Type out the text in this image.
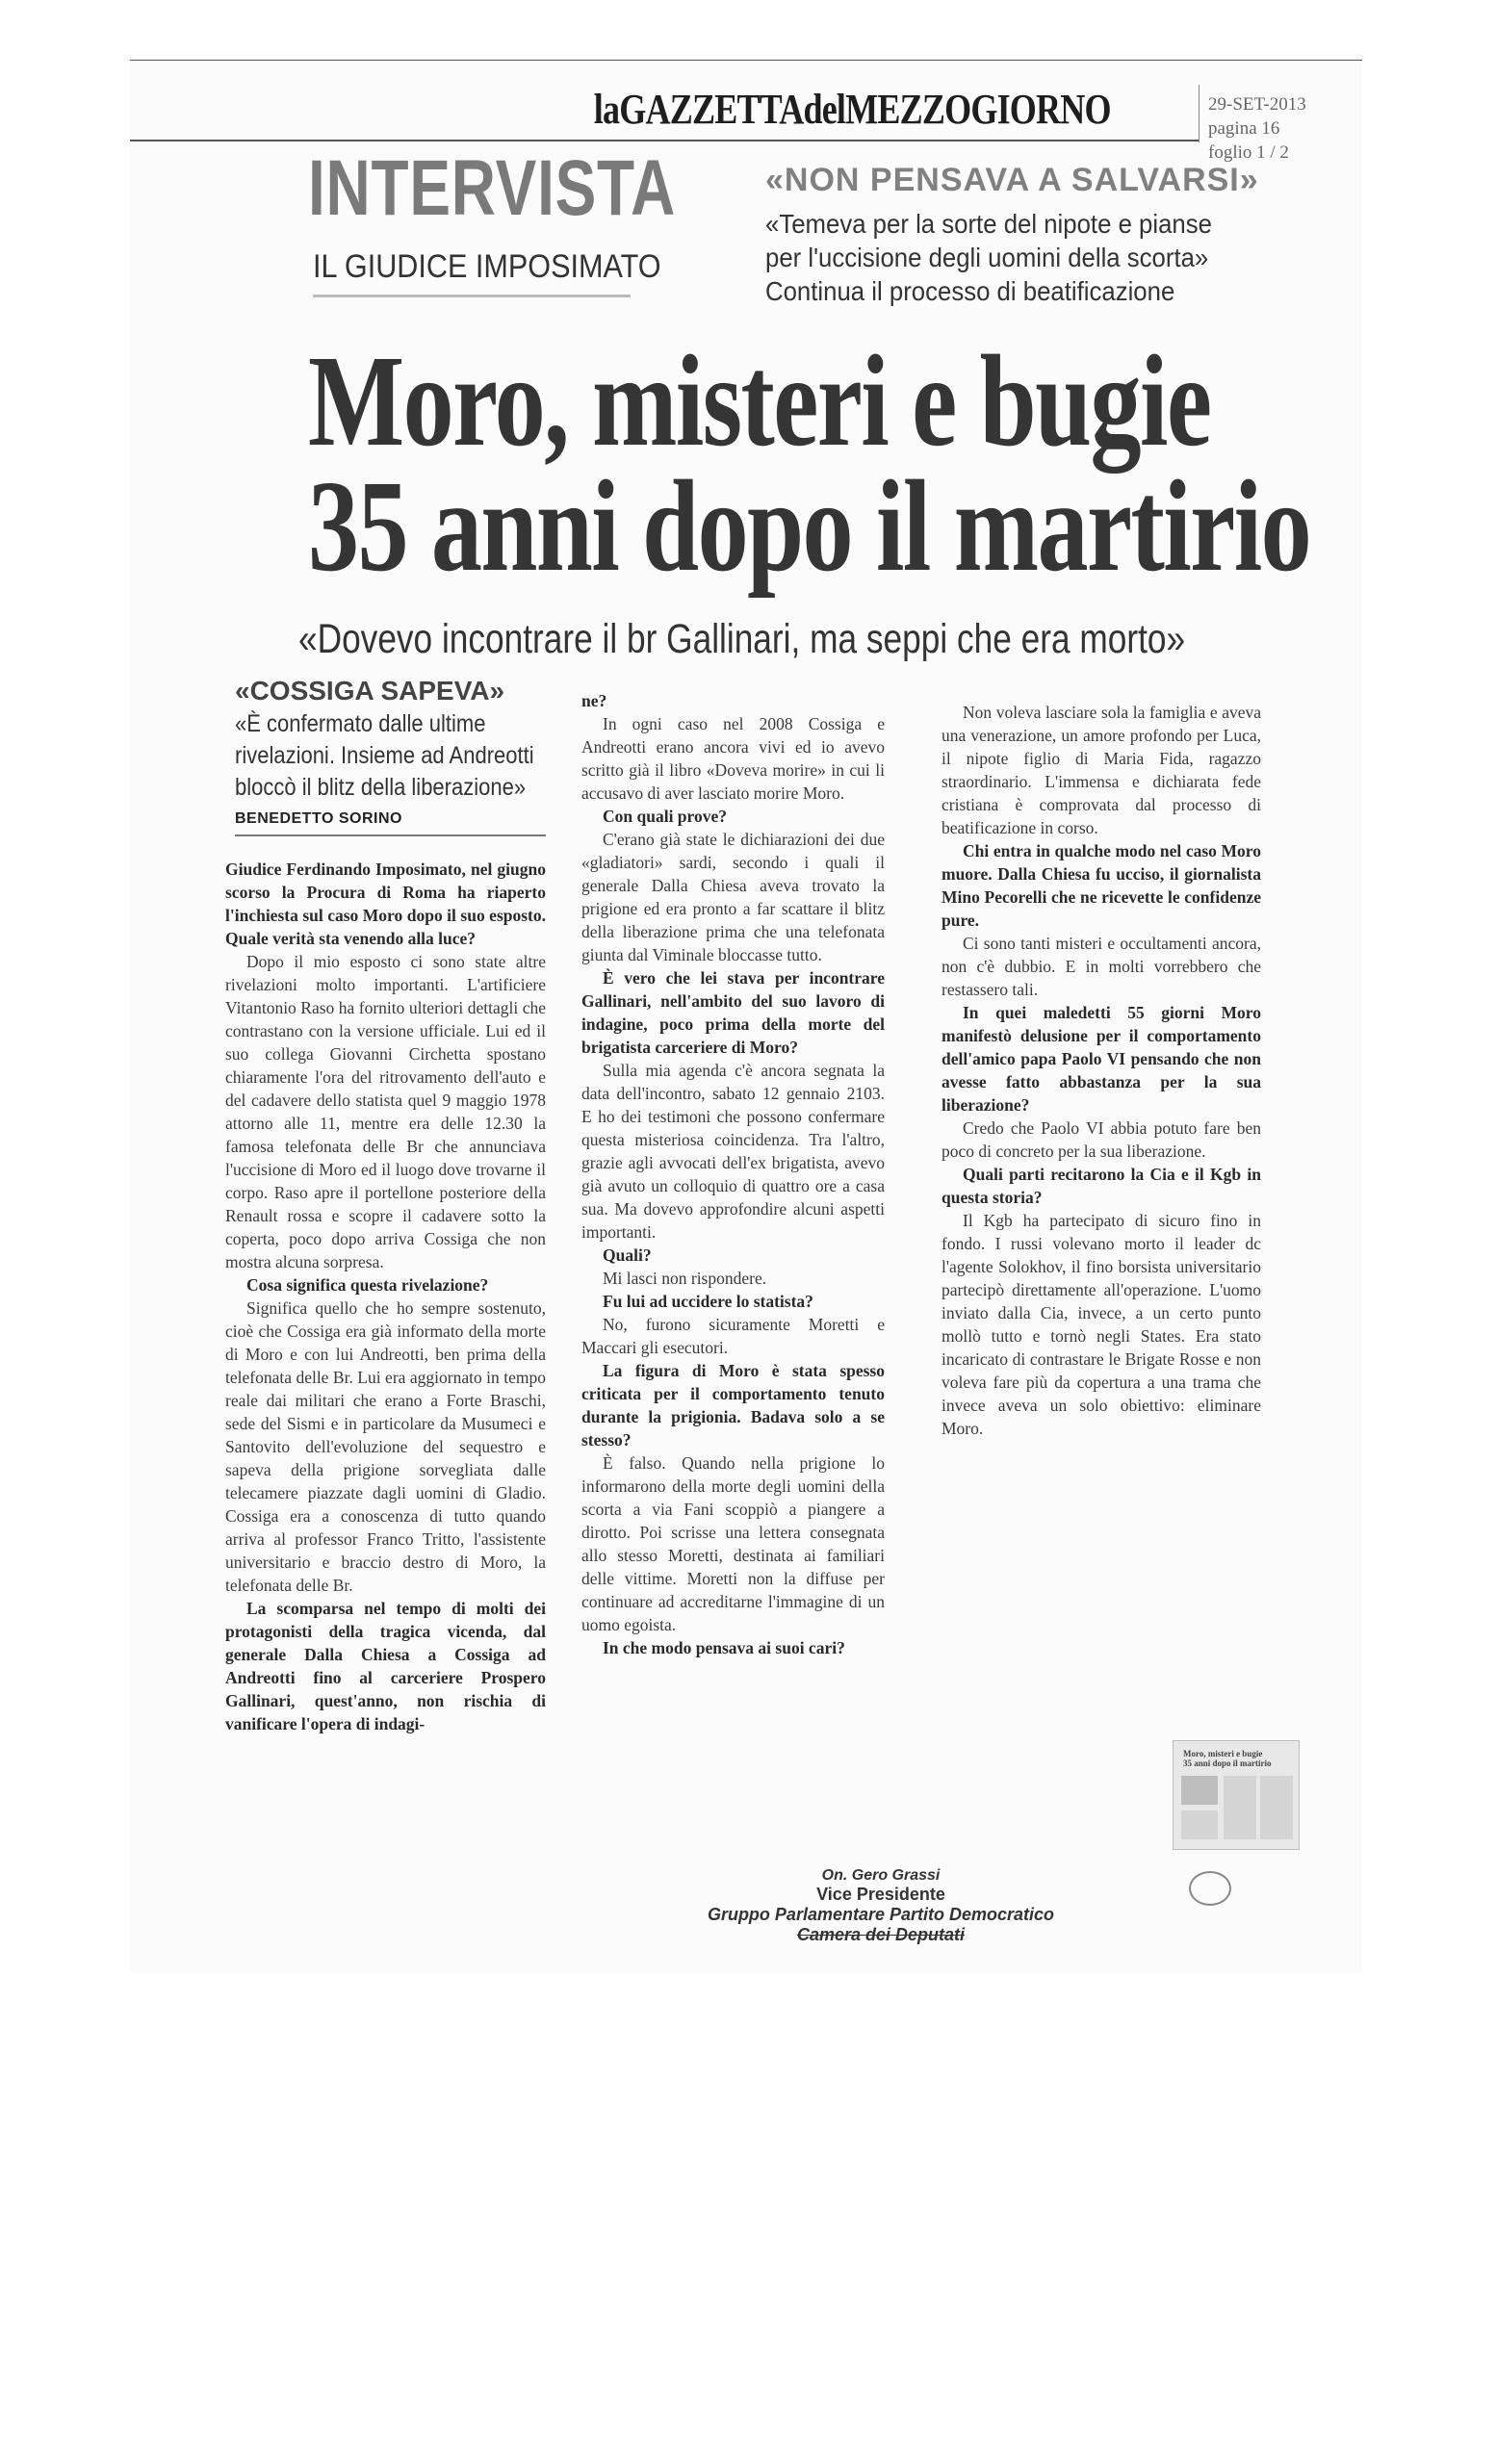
laGAZZETTAdelMEZZOGIORNO	29-SET-2013
pagina 16
foglio 1 / 2
INTERVISTA
IL GIUDICE IMPOSIMATO
«NON PENSAVA A SALVARSI»
«Temeva per la sorte del nipote e pianse
per l'uccisione degli uomini della scorta»
Continua il processo di beatificazione
Moro, misteri e bugie
35 anni dopo il martirio
«Dovevo incontrare il br Gallinari, ma seppi che era morto»
«COSSIGA SAPEVA»
«È confermato dalle ultime
rivelazioni. Insieme ad Andreotti
bloccò il blitz della liberazione»
BENEDETTO SORINO

Giudice Ferdinando Imposimato, nel giugno scorso la Procura di Roma ha riaperto l'inchiesta sul caso Moro dopo il suo esposto. Quale verità sta venendo alla luce?

Dopo il mio esposto ci sono state altre rivelazioni molto importanti. L'artificiere Vitantonio Raso ha fornito ulteriori dettagli che contrastano con la versione ufficiale. Lui ed il suo collega Giovanni Circhetta spostano chiaramente l'ora del ritrovamento dell'auto e del cadavere dello statista quel 9 maggio 1978 attorno alle 11, mentre era delle 12.30 la famosa telefonata delle Br che annunciava l'uccisione di Moro ed il luogo dove trovarne il corpo. Raso apre il portellone posteriore della Renault rossa e scopre il cadavere sotto la coperta, poco dopo arriva Cossiga che non mostra alcuna sorpresa.

Cosa significa questa rivelazione?

Significa quello che ho sempre sostenuto, cioè che Cossiga era già informato della morte di Moro e con lui Andreotti, ben prima della telefonata delle Br. Lui era aggiornato in tempo reale dai militari che erano a Forte Braschi, sede del Sismi e in particolare da Musumeci e Santovito dell'evoluzione del sequestro e sapeva della prigione sorvegliata dalle telecamere piazzate dagli uomini di Gladio. Cossiga era a conoscenza di tutto quando arriva al professor Franco Tritto, l'assistente universitario e braccio destro di Moro, la telefonata delle Br.

La scomparsa nel tempo di molti dei protagonisti della tragica vicenda, dal generale Dalla Chiesa a Cossiga ad Andreotti fino al carceriere Prospero Gallinari, quest'anno, non rischia di vanificare l'opera di indagi-

ne?

In ogni caso nel 2008 Cossiga e Andreotti erano ancora vivi ed io avevo scritto già il libro «Doveva morire» in cui li accusavo di aver lasciato morire Moro.

Con quali prove?

C'erano già state le dichiarazioni dei due «gladiatori» sardi, secondo i quali il generale Dalla Chiesa aveva trovato la prigione ed era pronto a far scattare il blitz della liberazione prima che una telefonata giunta dal Viminale bloccasse tutto.

È vero che lei stava per incontrare Gallinari, nell'ambito del suo lavoro di indagine, poco prima della morte del brigatista carceriere di Moro?

Sulla mia agenda c'è ancora segnata la data dell'incontro, sabato 12 gennaio 2103. E ho dei testimoni che possono confermare questa misteriosa coincidenza. Tra l'altro, grazie agli avvocati dell'ex brigatista, avevo già avuto un colloquio di quattro ore a casa sua. Ma dovevo approfondire alcuni aspetti importanti.

Quali?

Mi lasci non rispondere.

Fu lui ad uccidere lo statista?

No, furono sicuramente Moretti e Maccari gli esecutori.

La figura di Moro è stata spesso criticata per il comportamento tenuto durante la prigionia. Badava solo a se stesso?

È falso. Quando nella prigione lo informarono della morte degli uomini della scorta a via Fani scoppiò a piangere a dirotto. Poi scrisse una lettera consegnata allo stesso Moretti, destinata ai familiari delle vittime. Moretti non la diffuse per continuare ad accreditarne l'immagine di un uomo egoista.

In che modo pensava ai suoi cari?

Non voleva lasciare sola la famiglia e aveva una venerazione, un amore profondo per Luca, il nipote figlio di Maria Fida, ragazzo straordinario. L'immensa e dichiarata fede cristiana è comprovata dal processo di beatificazione in corso.

Chi entra in qualche modo nel caso Moro muore. Dalla Chiesa fu ucciso, il giornalista Mino Pecorelli che ne ricevette le confidenze pure.

Ci sono tanti misteri e occultamenti ancora, non c'è dubbio. E in molti vorrebbero che restassero tali.

In quei maledetti 55 giorni Moro manifestò delusione per il comportamento dell'amico papa Paolo VI pensando che non avesse fatto abbastanza per la sua liberazione?

Credo che Paolo VI abbia potuto fare ben poco di concreto per la sua liberazione.

Quali parti recitarono la Cia e il Kgb in questa storia?

Il Kgb ha partecipato di sicuro fino in fondo. I russi volevano morto il leader dc l'agente Solokhov, il fino borsista universitario partecipò direttamente all'operazione. L'uomo inviato dalla Cia, invece, a un certo punto mollò tutto e tornò negli States. Era stato incaricato di contrastare le Brigate Rosse e non voleva fare più da copertura a una trama che invece aveva un solo obiettivo: eliminare Moro.

Moro, misteri e bugie
35 anni dopo il martirio
On. Gero Grassi
Vice Presidente
Gruppo Parlamentare Partito Democratico
Camera dei Deputati
